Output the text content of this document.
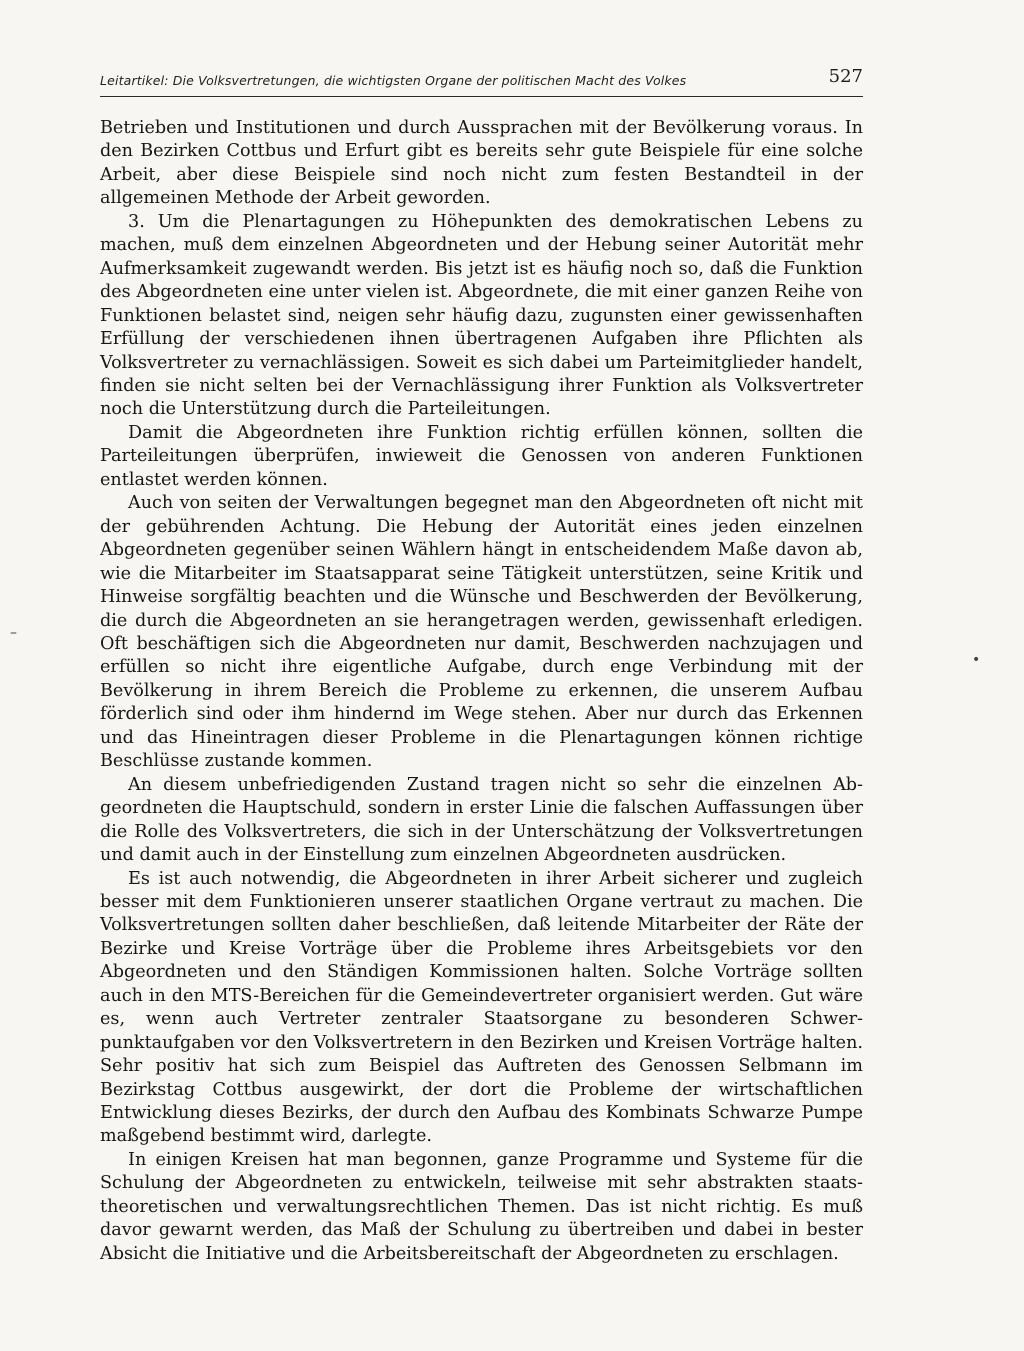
Leitartikel: Die Volksvertretungen, die wichtigsten Organe der politischen Macht des Volkes	527

Betrieben und Institutionen und durch Aussprachen mit der Bevölkerung voraus. In den Bezirken Cottbus und Erfurt gibt es bereits sehr gute Beispiele für eine solche Arbeit, aber diese Beispiele sind noch nicht zum festen Bestandteil in der allgemeinen Methode der Arbeit geworden.

3. Um die Plenartagungen zu Höhepunkten des demokratischen Lebens zu machen, muß dem einzelnen Abgeordneten und der Hebung seiner Autorität mehr Aufmerksamkeit zugewandt werden. Bis jetzt ist es häufig noch so, daß die Funktion des Abgeordneten eine unter vielen ist. Abgeordnete, die mit einer ganzen Reihe von Funktionen belastet sind, neigen sehr häufig dazu, zugunsten einer gewissenhaften Erfüllung der verschiedenen ihnen übertragenen Aufgaben ihre Pflichten als Volksvertreter zu vernachlässigen. Soweit es sich dabei um Parteimitglieder handelt, finden sie nicht selten bei der Vernachlässigung ihrer Funktion als Volksvertreter noch die Unterstützung durch die Parteileitungen.

Damit die Abgeordneten ihre Funktion richtig erfüllen können, sollten die Parteileitungen überprüfen, inwieweit die Genossen von anderen Funktionen entlastet werden können.

Auch von seiten der Verwaltungen begegnet man den Abgeordneten oft nicht mit der gebührenden Achtung. Die Hebung der Autorität eines jeden einzelnen Abgeordneten gegenüber seinen Wählern hängt in entscheidendem Maße davon ab, wie die Mitarbeiter im Staatsapparat seine Tätigkeit unterstützen, seine Kritik und Hinweise sorgfältig beachten und die Wünsche und Beschwerden der Bevölkerung, die durch die Abgeordneten an sie herangetragen werden, gewissenhaft erledigen. Oft beschäftigen sich die Abgeordneten nur damit, Beschwerden nachzujagen und erfüllen so nicht ihre eigentliche Aufgabe, durch enge Verbindung mit der Bevölkerung in ihrem Bereich die Probleme zu erkennen, die unserem Aufbau förderlich sind oder ihm hindernd im Wege stehen. Aber nur durch das Erkennen und das Hineintragen dieser Probleme in die Plenartagungen können richtige Beschlüsse zustande kommen.

An diesem unbefriedigenden Zustand tragen nicht so sehr die einzelnen Abgeordneten die Hauptschuld, sondern in erster Linie die falschen Auffassungen über die Rolle des Volksvertreters, die sich in der Unterschätzung der Volksvertretungen und damit auch in der Einstellung zum einzelnen Abgeordneten ausdrücken.

Es ist auch notwendig, die Abgeordneten in ihrer Arbeit sicherer und zugleich besser mit dem Funktionieren unserer staatlichen Organe vertraut zu machen. Die Volksvertretungen sollten daher beschließen, daß leitende Mitarbeiter der Räte der Bezirke und Kreise Vorträge über die Probleme ihres Arbeitsgebiets vor den Abgeordneten und den Ständigen Kommissionen halten. Solche Vorträge sollten auch in den MTS-Bereichen für die Gemeindevertreter organisiert werden. Gut wäre es, wenn auch Vertreter zentraler Staatsorgane zu besonderen Schwerpunktaufgaben vor den Volksvertretern in den Bezirken und Kreisen Vorträge halten. Sehr positiv hat sich zum Beispiel das Auftreten des Genossen Selbmann im Bezirkstag Cottbus ausgewirkt, der dort die Probleme der wirtschaftlichen Entwicklung dieses Bezirks, der durch den Aufbau des Kombinats Schwarze Pumpe maßgebend bestimmt wird, darlegte.

In einigen Kreisen hat man begonnen, ganze Programme und Systeme für die Schulung der Abgeordneten zu entwickeln, teilweise mit sehr abstrakten staatstheoretischen und verwaltungsrechtlichen Themen. Das ist nicht richtig. Es muß davor gewarnt werden, das Maß der Schulung zu übertreiben und dabei in bester Absicht die Initiative und die Arbeitsbereitschaft der Abgeordneten zu erschlagen.

–
•
